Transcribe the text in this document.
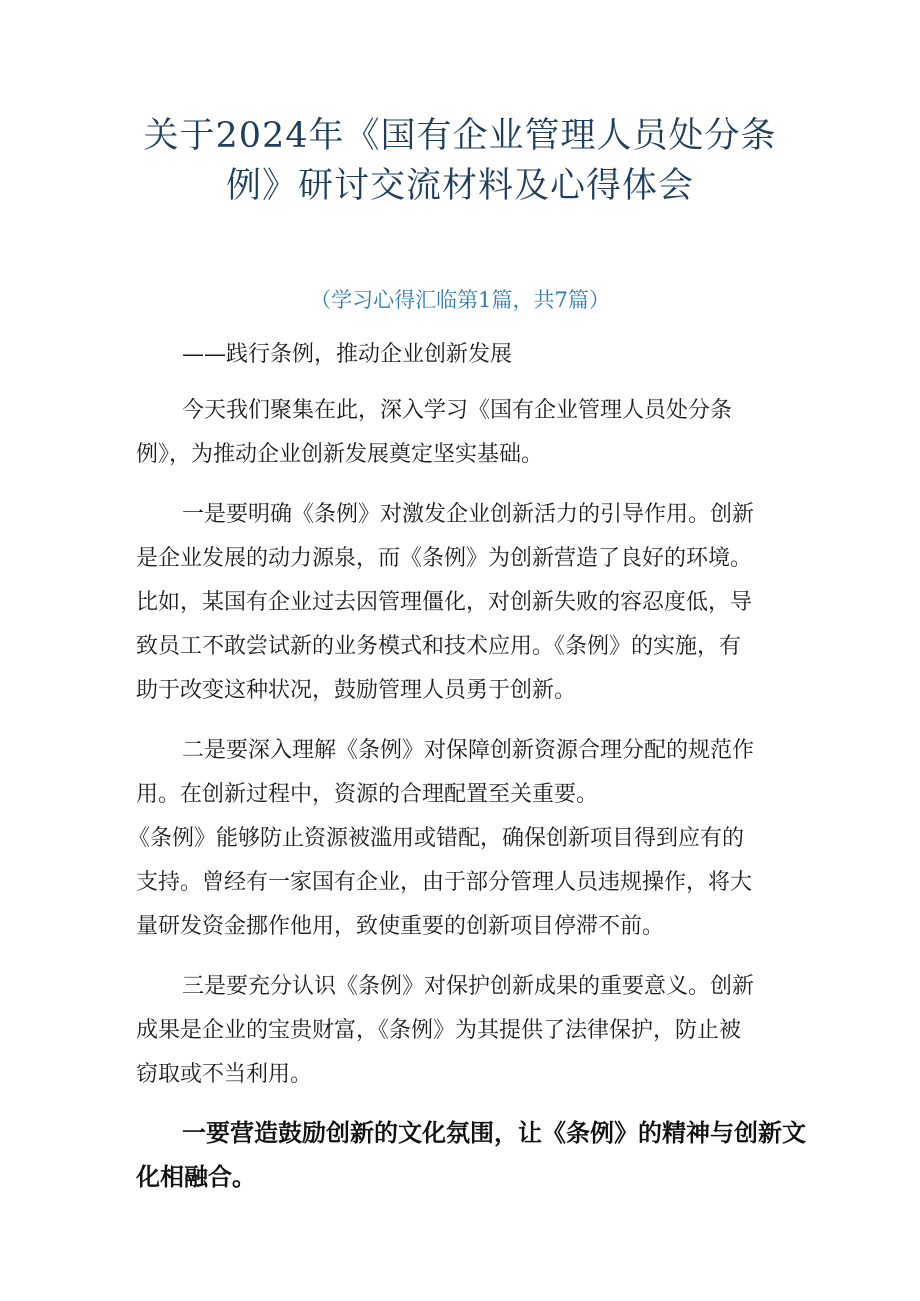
关于2024年《国有企业管理人员处分条
例》研讨交流材料及心得体会
（学习心得汇临第1篇，共7篇）
——践行条例，推动企业创新发展
今天我们聚集在此，深入学习《国有企业管理人员处分条
例》，为推动企业创新发展奠定坚实基础。
一是要明确《条例》对激发企业创新活力的引导作用。创新
是企业发展的动力源泉，而《条例》为创新营造了良好的环境。
比如，某国有企业过去因管理僵化，对创新失败的容忍度低，导
致员工不敢尝试新的业务模式和技术应用。《条例》的实施，有
助于改变这种状况，鼓励管理人员勇于创新。
二是要深入理解《条例》对保障创新资源合理分配的规范作
用。在创新过程中，资源的合理配置至关重要。
《条例》能够防止资源被滥用或错配，确保创新项目得到应有的
支持。曾经有一家国有企业，由于部分管理人员违规操作，将大
量研发资金挪作他用，致使重要的创新项目停滞不前。
三是要充分认识《条例》对保护创新成果的重要意义。创新
成果是企业的宝贵财富，《条例》为其提供了法律保护，防止被
窃取或不当利用。
一要营造鼓励创新的文化氛围，让《条例》的精神与创新文
化相融合。
